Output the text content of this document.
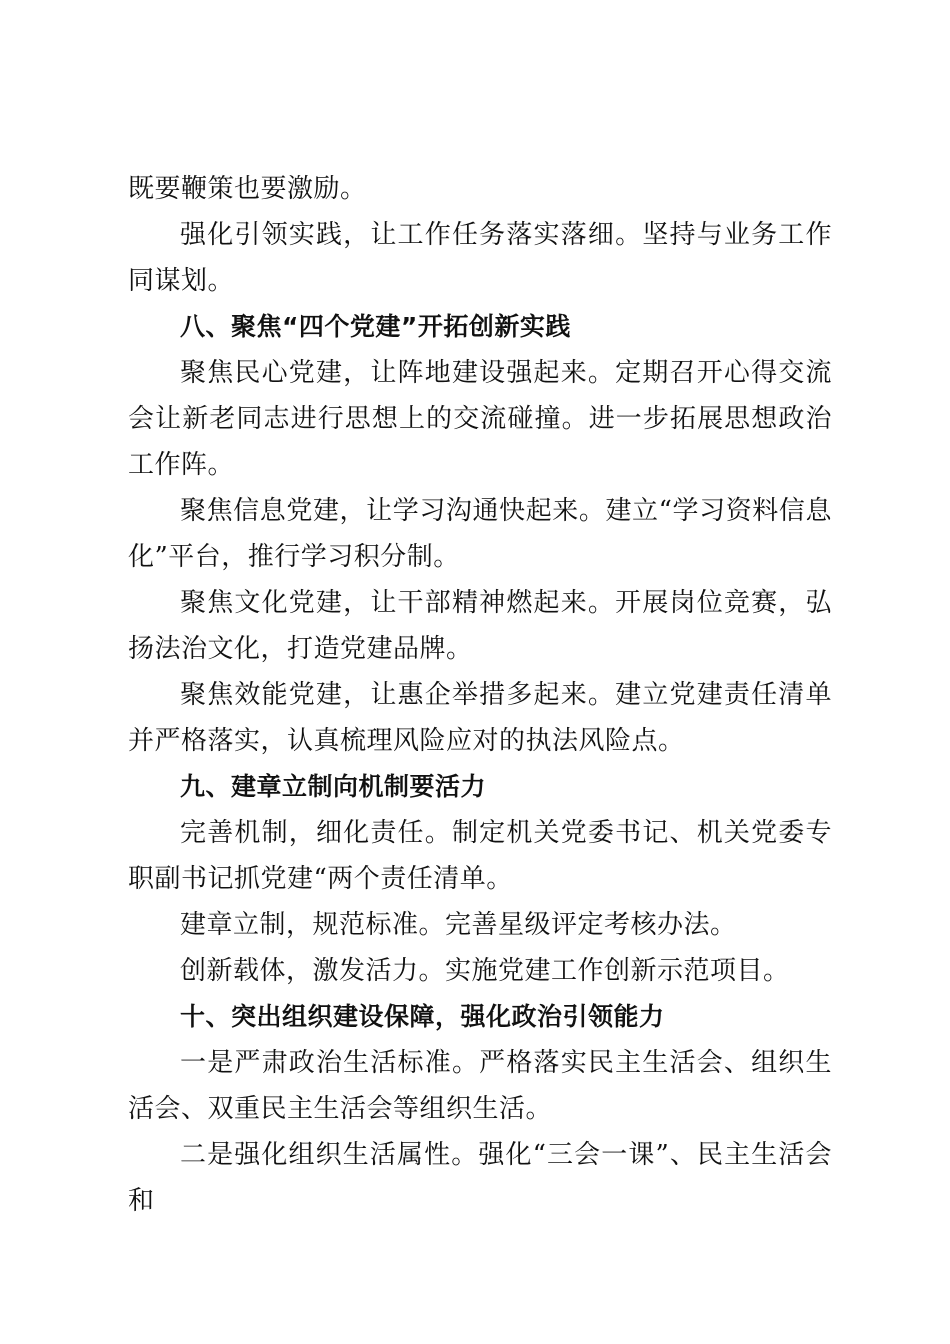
既要鞭策也要激励。

强化引领实践，让工作任务落实落细。坚持与业务工作同谋划。

八、聚焦“四个党建”开拓创新实践

聚焦民心党建，让阵地建设强起来。定期召开心得交流会让新老同志进行思想上的交流碰撞。进一步拓展思想政治工作阵。

聚焦信息党建，让学习沟通快起来。建立“学习资料信息化”平台，推行学习积分制。

聚焦文化党建，让干部精神燃起来。开展岗位竞赛，弘扬法治文化，打造党建品牌。

聚焦效能党建，让惠企举措多起来。建立党建责任清单并严格落实，认真梳理风险应对的执法风险点。

九、建章立制向机制要活力

完善机制，细化责任。制定机关党委书记、机关党委专职副书记抓党建“两个责任清单。

建章立制，规范标准。完善星级评定考核办法。

创新载体，激发活力。实施党建工作创新示范项目。

十、突出组织建设保障，强化政治引领能力

一是严肃政治生活标准。严格落实民主生活会、组织生活会、双重民主生活会等组织生活。

二是强化组织生活属性。强化“三会一课”、民主生活会和
